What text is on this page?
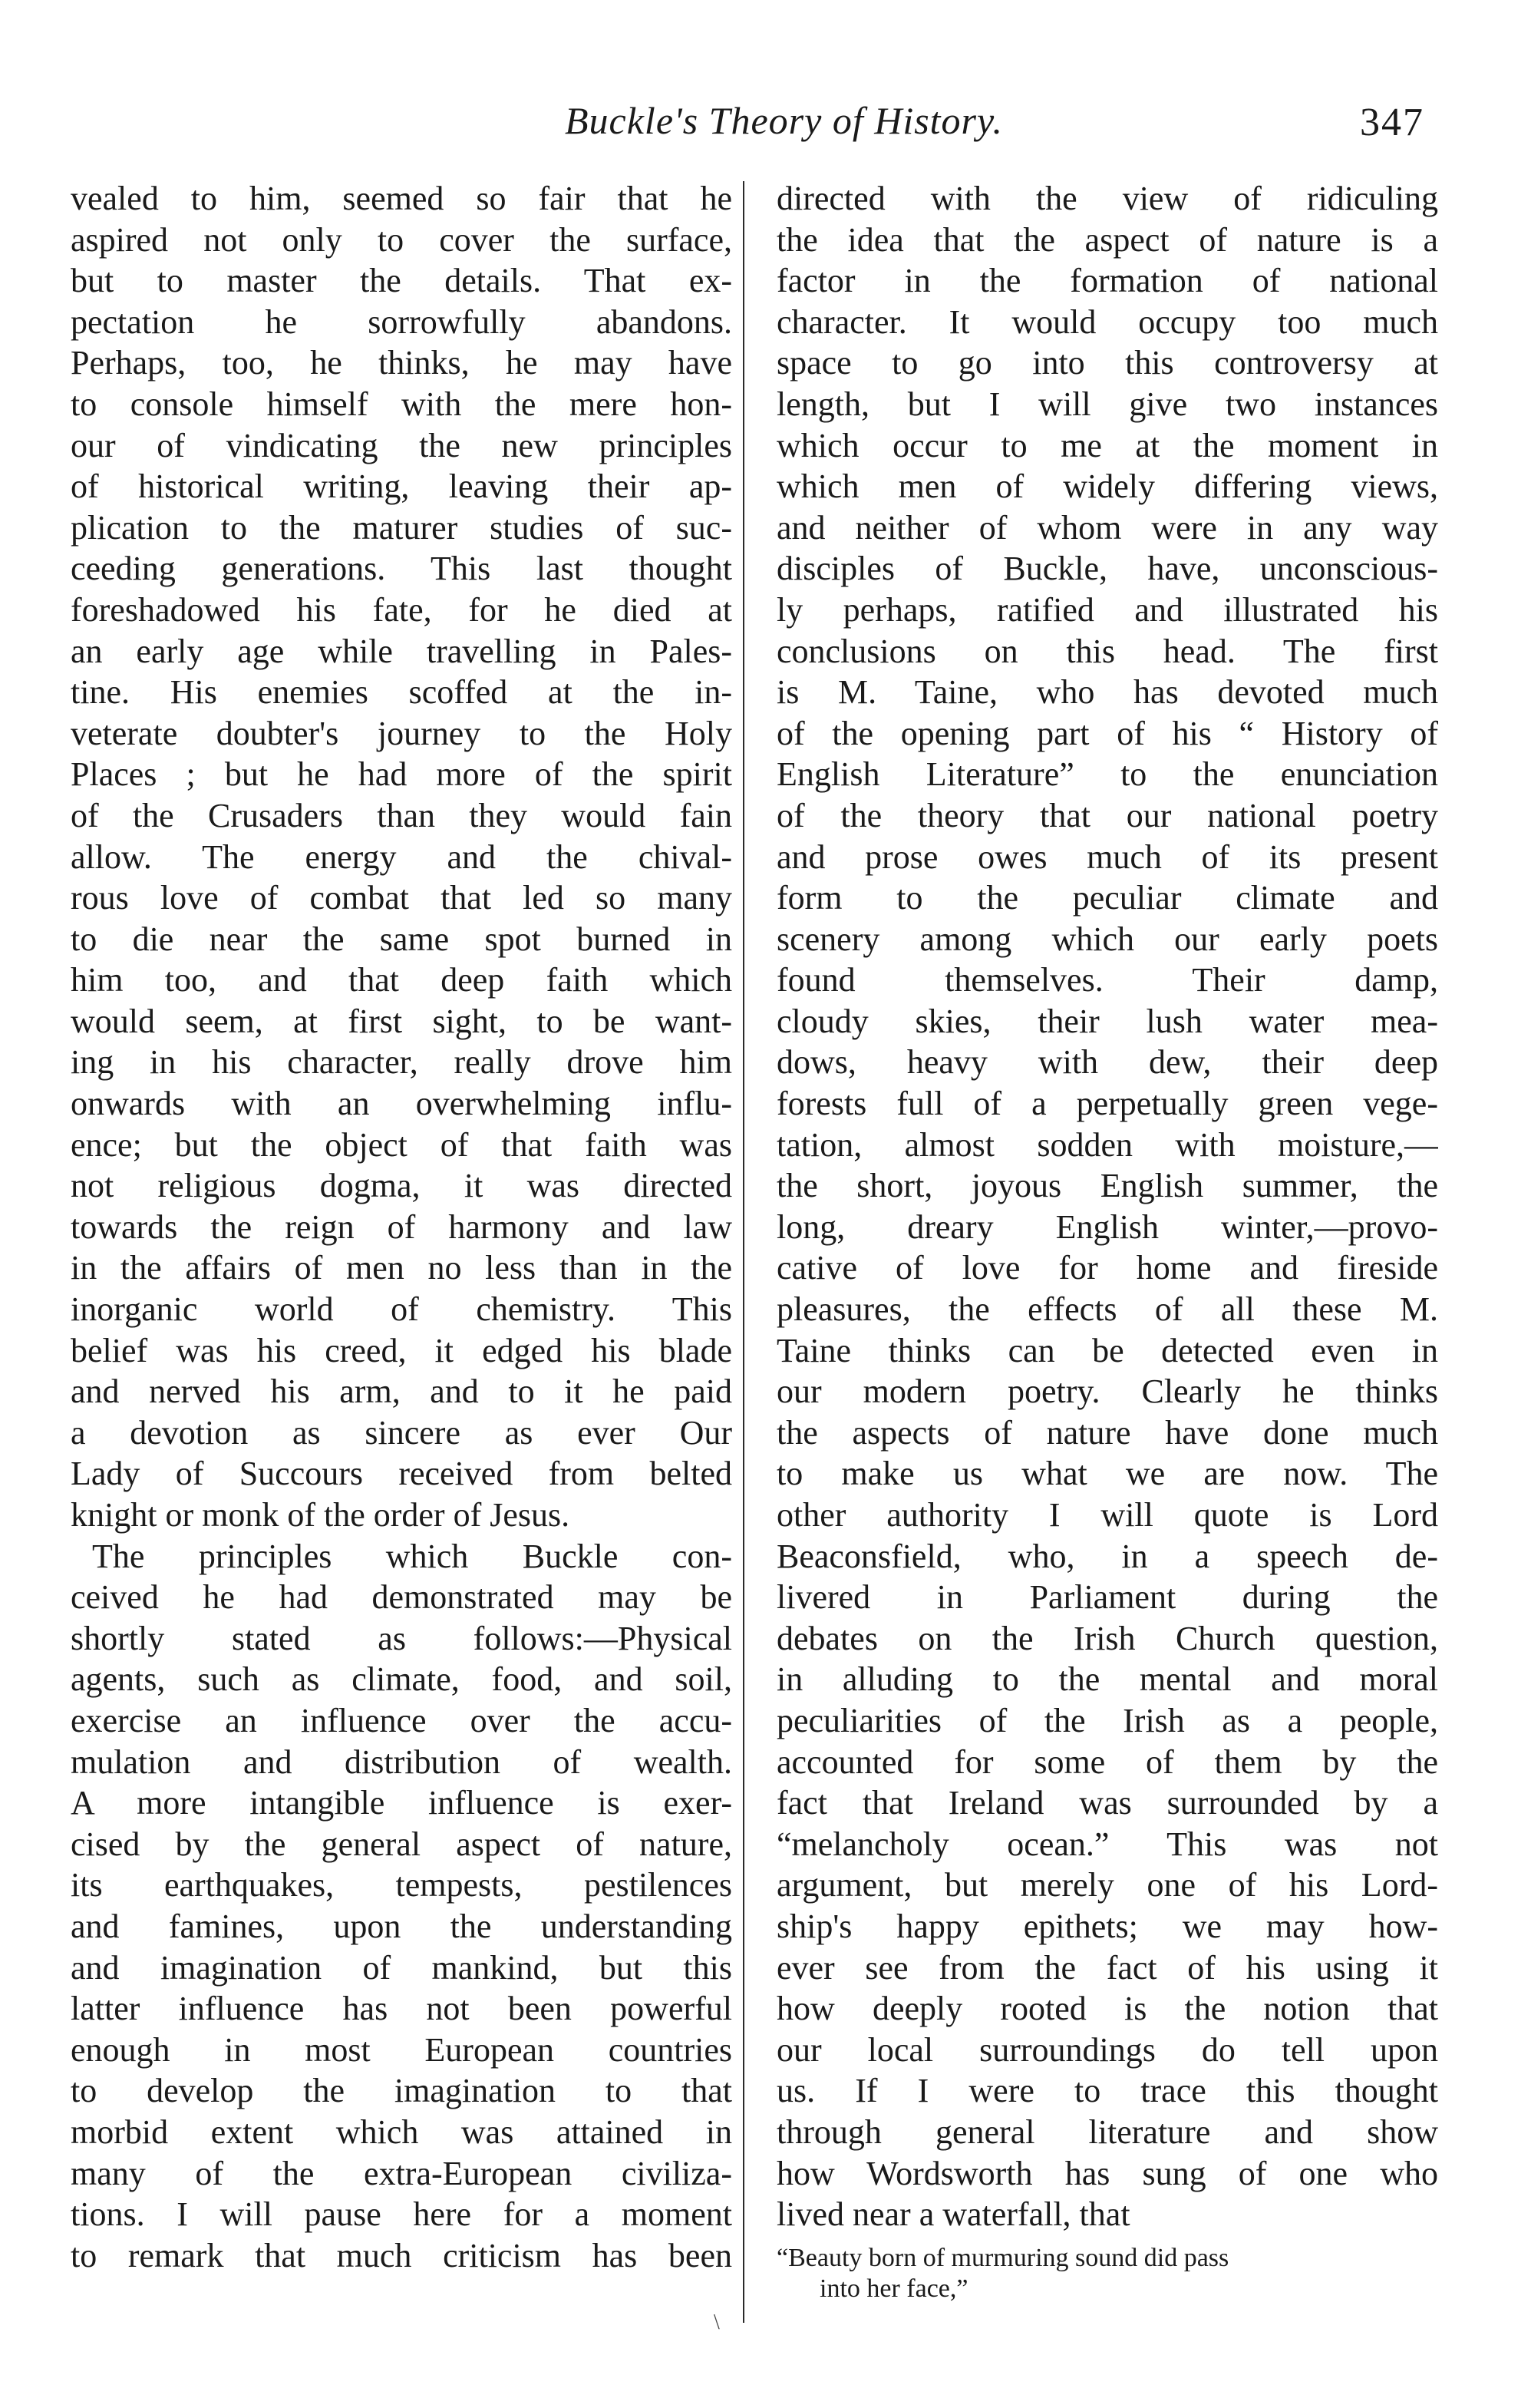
Buckle's Theory of History.	347
vealed to him, seemed so fair that he
aspired not only to cover the surface,
but to master the details. That ex-
pectation he sorrowfully abandons.
Perhaps, too, he thinks, he may have
to console himself with the mere hon-
our of vindicating the new principles
of historical writing, leaving their ap-
plication to the maturer studies of suc-
ceeding generations. This last thought
foreshadowed his fate, for he died at
an early age while travelling in Pales-
tine. His enemies scoffed at the in-
veterate doubter's journey to the Holy
Places ; but he had more of the spirit
of the Crusaders than they would fain
allow. The energy and the chival-
rous love of combat that led so many
to die near the same spot burned in
him too, and that deep faith which
would seem, at first sight, to be want-
ing in his character, really drove him
onwards with an overwhelming influ-
ence; but the object of that faith was
not religious dogma, it was directed
towards the reign of harmony and law
in the affairs of men no less than in the
inorganic world of chemistry. This
belief was his creed, it edged his blade
and nerved his arm, and to it he paid
a devotion as sincere as ever Our
Lady of Succours received from belted
knight or monk of the order of Jesus.
The principles which Buckle con-
ceived he had demonstrated may be
shortly stated as follows:—Physical
agents, such as climate, food, and soil,
exercise an influence over the accu-
mulation and distribution of wealth.
A more intangible influence is exer-
cised by the general aspect of nature,
its earthquakes, tempests, pestilences
and famines, upon the understanding
and imagination of mankind, but this
latter influence has not been powerful
enough in most European countries
to develop the imagination to that
morbid extent which was attained in
many of the extra-European civiliza-
tions. I will pause here for a moment
to remark that much criticism has been
directed with the view of ridiculing
the idea that the aspect of nature is a
factor in the formation of national
character. It would occupy too much
space to go into this controversy at
length, but I will give two instances
which occur to me at the moment in
which men of widely differing views,
and neither of whom were in any way
disciples of Buckle, have, unconscious-
ly perhaps, ratified and illustrated his
conclusions on this head. The first
is M. Taine, who has devoted much
of the opening part of his “ History of
English Literature” to the enunciation
of the theory that our national poetry
and prose owes much of its present
form to the peculiar climate and
scenery among which our early poets
found themselves. Their damp,
cloudy skies, their lush water mea-
dows, heavy with dew, their deep
forests full of a perpetually green vege-
tation, almost sodden with moisture,—
the short, joyous English summer, the
long, dreary English winter,—provo-
cative of love for home and fireside
pleasures, the effects of all these M.
Taine thinks can be detected even in
our modern poetry. Clearly he thinks
the aspects of nature have done much
to make us what we are now. The
other authority I will quote is Lord
Beaconsfield, who, in a speech de-
livered in Parliament during the
debates on the Irish Church question,
in alluding to the mental and moral
peculiarities of the Irish as a people,
accounted for some of them by the
fact that Ireland was surrounded by a
“melancholy ocean.” This was not
argument, but merely one of his Lord-
ship's happy epithets; we may how-
ever see from the fact of his using it
how deeply rooted is the notion that
our local surroundings do tell upon
us. If I were to trace this thought
through general literature and show
how Wordsworth has sung of one who
lived near a waterfall, that
“Beauty born of murmuring sound did pass
into her face,”
\
